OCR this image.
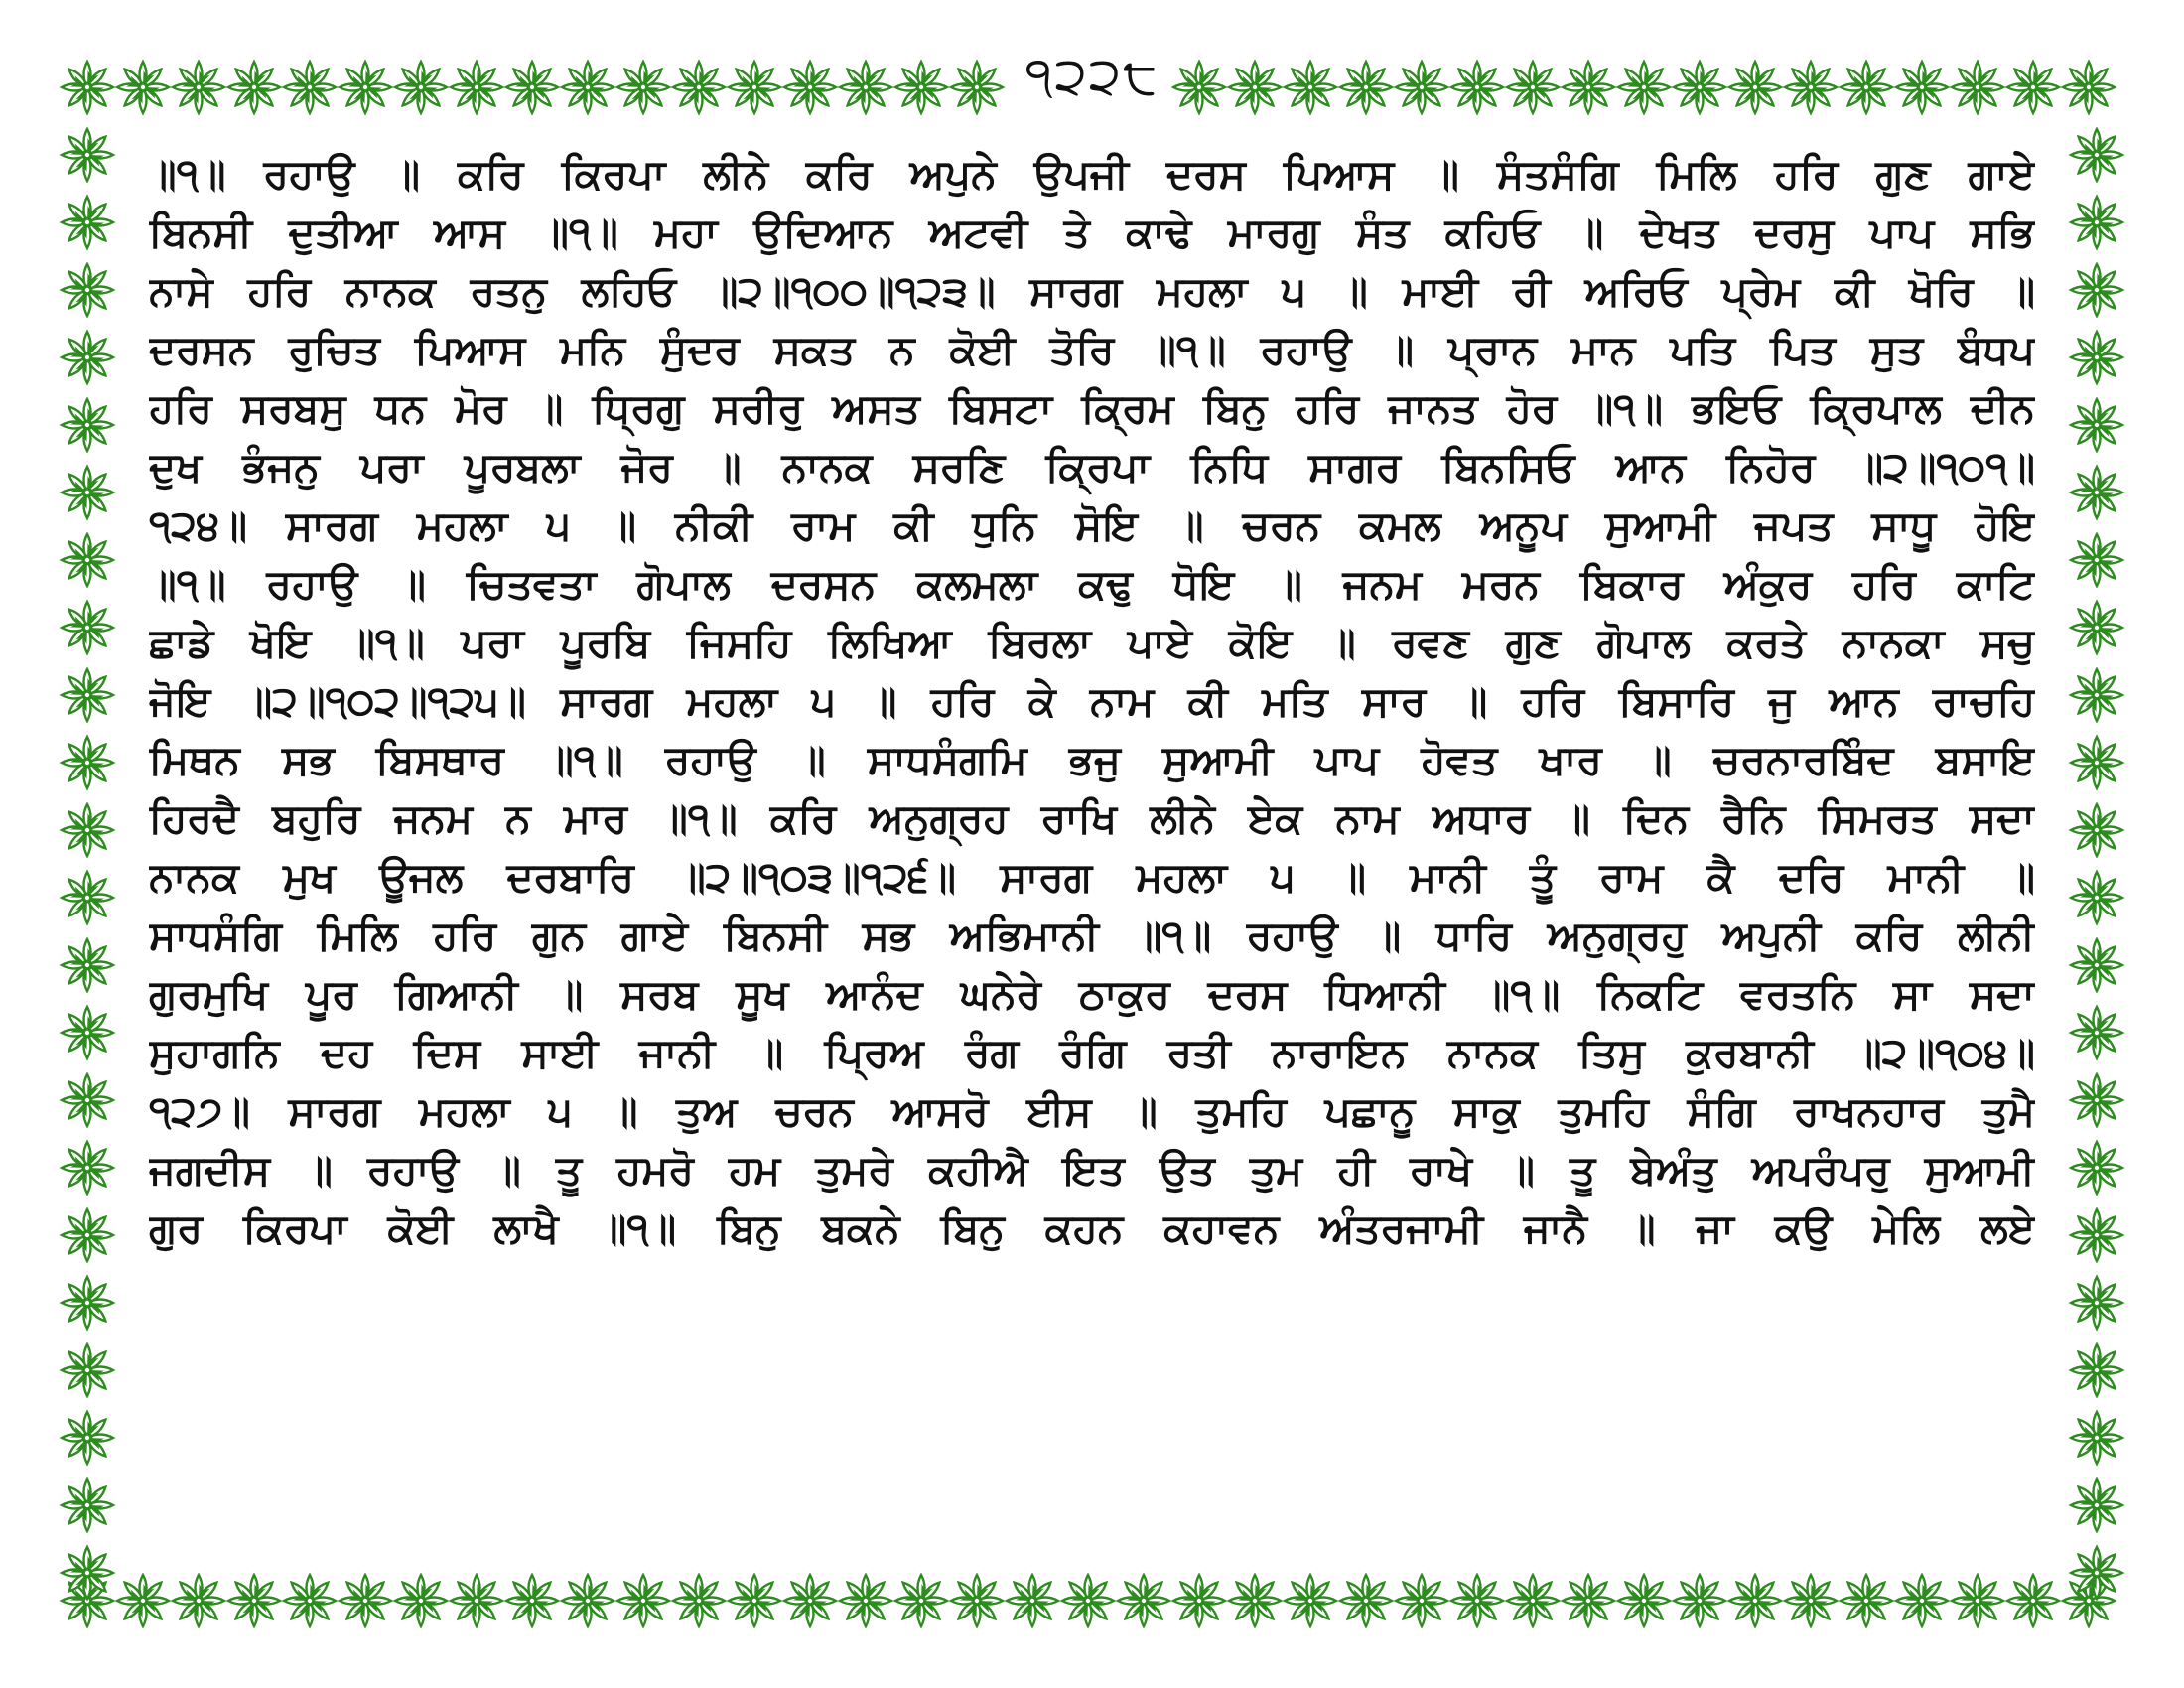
੧੨੨੮
॥੧॥ ਰਹਾਉ ॥ ਕਰਿ ਕਿਰਪਾ ਲੀਨੇ ਕਰਿ ਅਪੁਨੇ ਉਪਜੀ ਦਰਸ ਪਿਆਸ ॥ ਸੰਤਸੰਗਿ ਮਿਲਿ ਹਰਿ ਗੁਣ ਗਾਏ
ਬਿਨਸੀ ਦੁਤੀਆ ਆਸ ॥੧॥ ਮਹਾ ਉਦਿਆਨ ਅਟਵੀ ਤੇ ਕਾਢੇ ਮਾਰਗੁ ਸੰਤ ਕਹਿਓ ॥ ਦੇਖਤ ਦਰਸੁ ਪਾਪ ਸਭਿ
ਨਾਸੇ ਹਰਿ ਨਾਨਕ ਰਤਨੁ ਲਹਿਓ ॥੨॥੧੦੦॥੧੨੩॥ ਸਾਰਗ ਮਹਲਾ ੫ ॥ ਮਾਈ ਰੀ ਅਰਿਓ ਪ੍ਰੇਮ ਕੀ ਖੋਰਿ ॥
ਦਰਸਨ ਰੁਚਿਤ ਪਿਆਸ ਮਨਿ ਸੁੰਦਰ ਸਕਤ ਨ ਕੋਈ ਤੋਰਿ ॥੧॥ ਰਹਾਉ ॥ ਪ੍ਰਾਨ ਮਾਨ ਪਤਿ ਪਿਤ ਸੁਤ ਬੰਧਪ
ਹਰਿ ਸਰਬਸੁ ਧਨ ਮੋਰ ॥ ਧ੍ਰਿਗੁ ਸਰੀਰੁ ਅਸਤ ਬਿਸਟਾ ਕ੍ਰਿਮ ਬਿਨੁ ਹਰਿ ਜਾਨਤ ਹੋਰ ॥੧॥ ਭਇਓ ਕ੍ਰਿਪਾਲ ਦੀਨ
ਦੁਖ ਭੰਜਨੁ ਪਰਾ ਪੂਰਬਲਾ ਜੋਰ ॥ ਨਾਨਕ ਸਰਣਿ ਕ੍ਰਿਪਾ ਨਿਧਿ ਸਾਗਰ ਬਿਨਸਿਓ ਆਨ ਨਿਹੋਰ ॥੨॥੧੦੧॥
੧੨੪॥ ਸਾਰਗ ਮਹਲਾ ੫ ॥ ਨੀਕੀ ਰਾਮ ਕੀ ਧੁਨਿ ਸੋਇ ॥ ਚਰਨ ਕਮਲ ਅਨੂਪ ਸੁਆਮੀ ਜਪਤ ਸਾਧੂ ਹੋਇ
॥੧॥ ਰਹਾਉ ॥ ਚਿਤਵਤਾ ਗੋਪਾਲ ਦਰਸਨ ਕਲਮਲਾ ਕਢੁ ਧੋਇ ॥ ਜਨਮ ਮਰਨ ਬਿਕਾਰ ਅੰਕੁਰ ਹਰਿ ਕਾਟਿ
ਛਾਡੇ ਖੋਇ ॥੧॥ ਪਰਾ ਪੂਰਬਿ ਜਿਸਹਿ ਲਿਖਿਆ ਬਿਰਲਾ ਪਾਏ ਕੋਇ ॥ ਰਵਣ ਗੁਣ ਗੋਪਾਲ ਕਰਤੇ ਨਾਨਕਾ ਸਚੁ
ਜੋਇ ॥੨॥੧੦੨॥੧੨੫॥ ਸਾਰਗ ਮਹਲਾ ੫ ॥ ਹਰਿ ਕੇ ਨਾਮ ਕੀ ਮਤਿ ਸਾਰ ॥ ਹਰਿ ਬਿਸਾਰਿ ਜੁ ਆਨ ਰਾਚਹਿ
ਮਿਥਨ ਸਭ ਬਿਸਥਾਰ ॥੧॥ ਰਹਾਉ ॥ ਸਾਧਸੰਗਮਿ ਭਜੁ ਸੁਆਮੀ ਪਾਪ ਹੋਵਤ ਖਾਰ ॥ ਚਰਨਾਰਬਿੰਦ ਬਸਾਇ
ਹਿਰਦੈ ਬਹੁਰਿ ਜਨਮ ਨ ਮਾਰ ॥੧॥ ਕਰਿ ਅਨੁਗ੍ਰਹ ਰਾਖਿ ਲੀਨੇ ਏਕ ਨਾਮ ਅਧਾਰ ॥ ਦਿਨ ਰੈਨਿ ਸਿਮਰਤ ਸਦਾ
ਨਾਨਕ ਮੁਖ ਊਜਲ ਦਰਬਾਰਿ ॥੨॥੧੦੩॥੧੨੬॥ ਸਾਰਗ ਮਹਲਾ ੫ ॥ ਮਾਨੀ ਤੂੰ ਰਾਮ ਕੈ ਦਰਿ ਮਾਨੀ ॥
ਸਾਧਸੰਗਿ ਮਿਲਿ ਹਰਿ ਗੁਨ ਗਾਏ ਬਿਨਸੀ ਸਭ ਅਭਿਮਾਨੀ ॥੧॥ ਰਹਾਉ ॥ ਧਾਰਿ ਅਨੁਗ੍ਰਹੁ ਅਪੁਨੀ ਕਰਿ ਲੀਨੀ
ਗੁਰਮੁਖਿ ਪੂਰ ਗਿਆਨੀ ॥ ਸਰਬ ਸੂਖ ਆਨੰਦ ਘਨੇਰੇ ਠਾਕੁਰ ਦਰਸ ਧਿਆਨੀ ॥੧॥ ਨਿਕਟਿ ਵਰਤਨਿ ਸਾ ਸਦਾ
ਸੁਹਾਗਨਿ ਦਹ ਦਿਸ ਸਾਈ ਜਾਨੀ ॥ ਪ੍ਰਿਅ ਰੰਗ ਰੰਗਿ ਰਤੀ ਨਾਰਾਇਨ ਨਾਨਕ ਤਿਸੁ ਕੁਰਬਾਨੀ ॥੨॥੧੦੪॥
੧੨੭॥ ਸਾਰਗ ਮਹਲਾ ੫ ॥ ਤੁਅ ਚਰਨ ਆਸਰੋ ਈਸ ॥ ਤੁਮਹਿ ਪਛਾਨੂ ਸਾਕੁ ਤੁਮਹਿ ਸੰਗਿ ਰਾਖਨਹਾਰ ਤੁਮੈ
ਜਗਦੀਸ ॥ ਰਹਾਉ ॥ ਤੂ ਹਮਰੋ ਹਮ ਤੁਮਰੇ ਕਹੀਐ ਇਤ ਉਤ ਤੁਮ ਹੀ ਰਾਖੇ ॥ ਤੂ ਬੇਅੰਤੁ ਅਪਰੰਪਰੁ ਸੁਆਮੀ
ਗੁਰ ਕਿਰਪਾ ਕੋਈ ਲਾਖੈ ॥੧॥ ਬਿਨੁ ਬਕਨੇ ਬਿਨੁ ਕਹਨ ਕਹਾਵਨ ਅੰਤਰਜਾਮੀ ਜਾਨੈ ॥ ਜਾ ਕਉ ਮੇਲਿ ਲਏ
